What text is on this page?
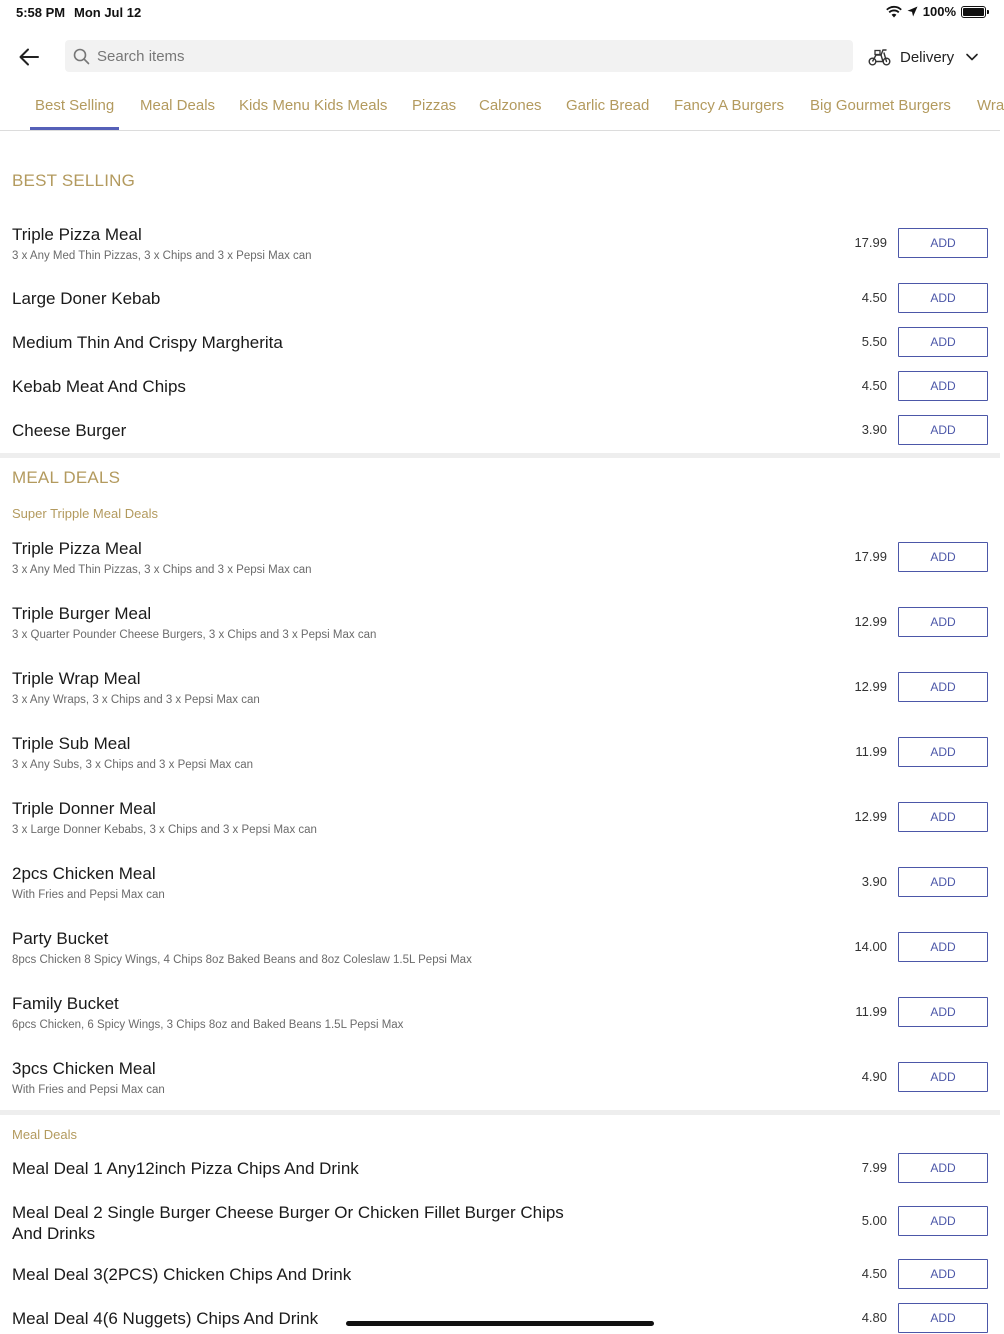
5:58 PM Mon Jul 12	100%
Search items
Delivery
Best Selling Meal Deals Kids Menu Kids Meals Pizzas Calzones Garlic Bread Fancy A Burgers Big Gourmet Burgers Wra
BEST SELLING
Triple Pizza Meal
3 x Any Med Thin Pizzas, 3 x Chips and 3 x Pepsi Max can
17.99	ADD
Large Doner Kebab	4.50	ADD
Medium Thin And Crispy Margherita	5.50	ADD
Kebab Meat And Chips	4.50	ADD
Cheese Burger	3.90	ADD
MEAL DEALS
Super Tripple Meal Deals
Triple Pizza Meal
3 x Any Med Thin Pizzas, 3 x Chips and 3 x Pepsi Max can
17.99	ADD
Triple Burger Meal
3 x Quarter Pounder Cheese Burgers, 3 x Chips and 3 x Pepsi Max can
12.99	ADD
Triple Wrap Meal
3 x Any Wraps, 3 x Chips and 3 x Pepsi Max can
12.99	ADD
Triple Sub Meal
3 x Any Subs, 3 x Chips and 3 x Pepsi Max can
11.99	ADD
Triple Donner Meal
3 x Large Donner Kebabs, 3 x Chips and 3 x Pepsi Max can
12.99	ADD
2pcs Chicken Meal
With Fries and Pepsi Max can
3.90	ADD
Party Bucket
8pcs Chicken 8 Spicy Wings, 4 Chips 8oz Baked Beans and 8oz Coleslaw 1.5L Pepsi Max
14.00	ADD
Family Bucket
6pcs Chicken, 6 Spicy Wings, 3 Chips 8oz and Baked Beans 1.5L Pepsi Max
11.99	ADD
3pcs Chicken Meal
With Fries and Pepsi Max can
4.90	ADD
Meal Deals
Meal Deal 1 Any12inch Pizza Chips And Drink	7.99	ADD
Meal Deal 2 Single Burger Cheese Burger Or Chicken Fillet Burger Chips And Drinks
5.00	ADD
Meal Deal 3(2PCS) Chicken Chips And Drink	4.50	ADD
Meal Deal 4(6 Nuggets) Chips And Drink	4.80	ADD
